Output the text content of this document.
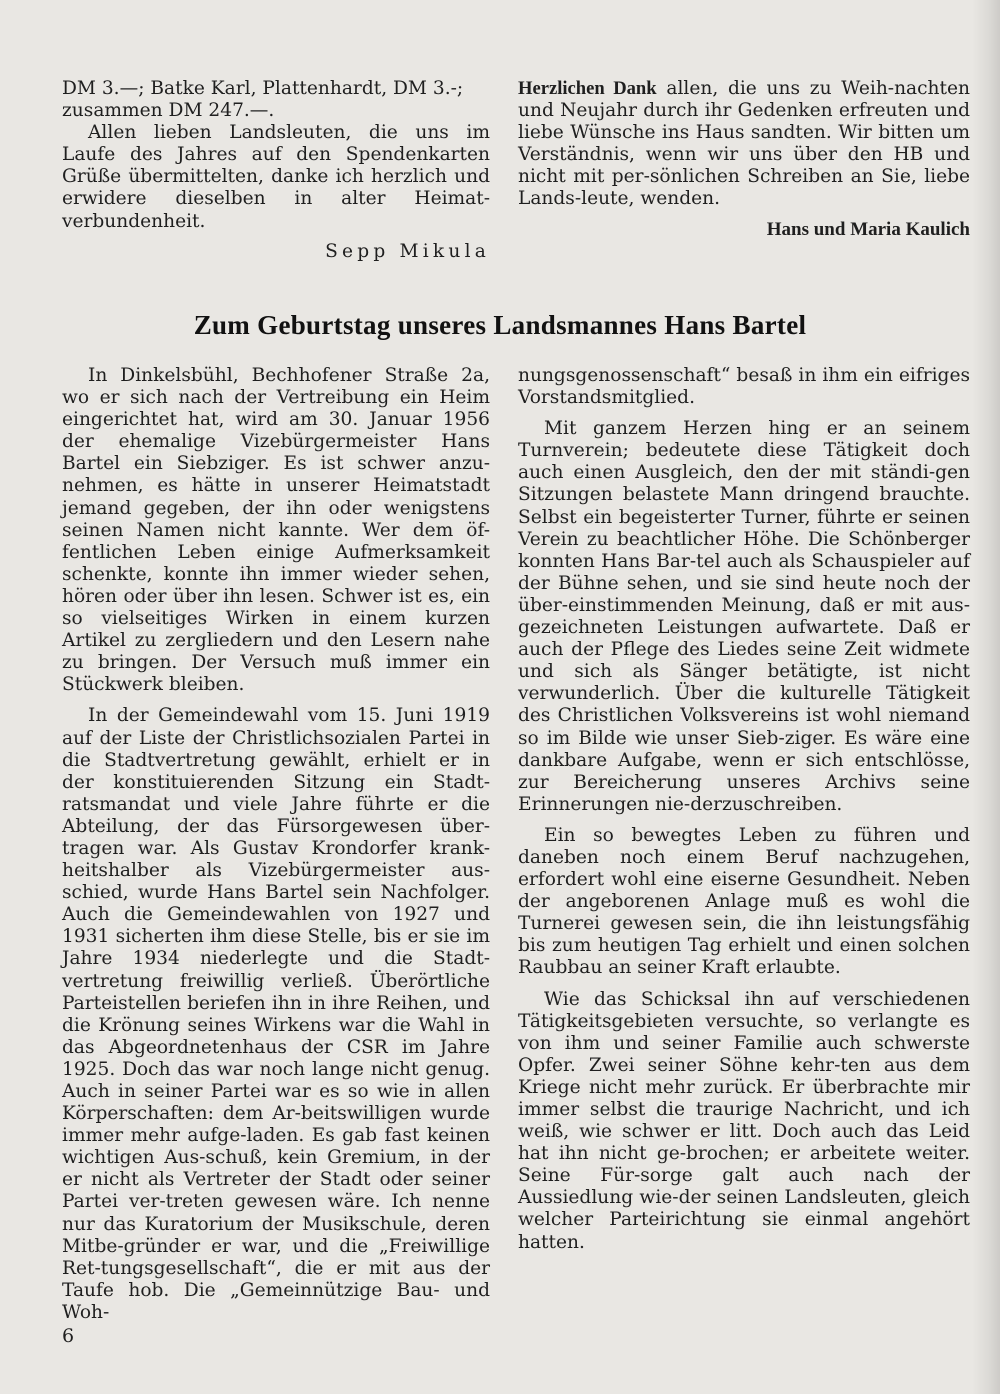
DM 3.—; Batke Karl, Plattenhardt, DM 3.-;

zusammen DM 247.—.

Allen lieben Landsleuten, die uns im Laufe des Jahres auf den Spendenkarten Grüße übermittelten, danke ich herzlich und erwidere dieselben in alter Heimat-verbundenheit.

Sepp Mikula

Herzlichen Dank allen, die uns zu Weih-nachten und Neujahr durch ihr Gedenken erfreuten und liebe Wünsche ins Haus sandten. Wir bitten um Verständnis, wenn wir uns über den HB und nicht mit per-sönlichen Schreiben an Sie, liebe Lands-leute, wenden.

Hans und Maria Kaulich

Zum Geburtstag unseres Landsmannes Hans Bartel

In Dinkelsbühl, Bechhofener Straße 2a, wo er sich nach der Vertreibung ein Heim eingerichtet hat, wird am 30. Januar 1956 der ehemalige Vizebürgermeister Hans Bartel ein Siebziger. Es ist schwer anzu-nehmen, es hätte in unserer Heimatstadt jemand gegeben, der ihn oder wenigstens seinen Namen nicht kannte. Wer dem öf-fentlichen Leben einige Aufmerksamkeit schenkte, konnte ihn immer wieder sehen, hören oder über ihn lesen. Schwer ist es, ein so vielseitiges Wirken in einem kurzen Artikel zu zergliedern und den Lesern nahe zu bringen. Der Versuch muß immer ein Stückwerk bleiben.

In der Gemeindewahl vom 15. Juni 1919 auf der Liste der Christlichsozialen Partei in die Stadtvertretung gewählt, erhielt er in der konstituierenden Sitzung ein Stadt-ratsmandat und viele Jahre führte er die Abteilung, der das Fürsorgewesen über-tragen war. Als Gustav Krondorfer krank-heitshalber als Vizebürgermeister aus-schied, wurde Hans Bartel sein Nachfolger. Auch die Gemeindewahlen von 1927 und 1931 sicherten ihm diese Stelle, bis er sie im Jahre 1934 niederlegte und die Stadt-vertretung freiwillig verließ. Überörtliche Parteistellen beriefen ihn in ihre Reihen, und die Krönung seines Wirkens war die Wahl in das Abgeordnetenhaus der CSR im Jahre 1925. Doch das war noch lange nicht genug. Auch in seiner Partei war es so wie in allen Körperschaften: dem Ar-beitswilligen wurde immer mehr aufge-laden. Es gab fast keinen wichtigen Aus-schuß, kein Gremium, in der er nicht als Vertreter der Stadt oder seiner Partei ver-treten gewesen wäre. Ich nenne nur das Kuratorium der Musikschule, deren Mitbe-gründer er war, und die „Freiwillige Ret-tungsgesellschaft“, die er mit aus der Taufe hob. Die „Gemeinnützige Bau- und Woh-

nungsgenossenschaft“ besaß in ihm ein eifriges Vorstandsmitglied.

Mit ganzem Herzen hing er an seinem Turnverein; bedeutete diese Tätigkeit doch auch einen Ausgleich, den der mit ständi-gen Sitzungen belastete Mann dringend brauchte. Selbst ein begeisterter Turner, führte er seinen Verein zu beachtlicher Höhe. Die Schönberger konnten Hans Bar-tel auch als Schauspieler auf der Bühne sehen, und sie sind heute noch der über-einstimmenden Meinung, daß er mit aus-gezeichneten Leistungen aufwartete. Daß er auch der Pflege des Liedes seine Zeit widmete und sich als Sänger betätigte, ist nicht verwunderlich. Über die kulturelle Tätigkeit des Christlichen Volksvereins ist wohl niemand so im Bilde wie unser Sieb-ziger. Es wäre eine dankbare Aufgabe, wenn er sich entschlösse, zur Bereicherung unseres Archivs seine Erinnerungen nie-derzuschreiben.

Ein so bewegtes Leben zu führen und daneben noch einem Beruf nachzugehen, erfordert wohl eine eiserne Gesundheit. Neben der angeborenen Anlage muß es wohl die Turnerei gewesen sein, die ihn leistungsfähig bis zum heutigen Tag erhielt und einen solchen Raubbau an seiner Kraft erlaubte.

Wie das Schicksal ihn auf verschiedenen Tätigkeitsgebieten versuchte, so verlangte es von ihm und seiner Familie auch schwerste Opfer. Zwei seiner Söhne kehr-ten aus dem Kriege nicht mehr zurück. Er überbrachte mir immer selbst die traurige Nachricht, und ich weiß, wie schwer er litt. Doch auch das Leid hat ihn nicht ge-brochen; er arbeitete weiter. Seine Für-sorge galt auch nach der Aussiedlung wie-der seinen Landsleuten, gleich welcher Parteirichtung sie einmal angehört hatten.

6
